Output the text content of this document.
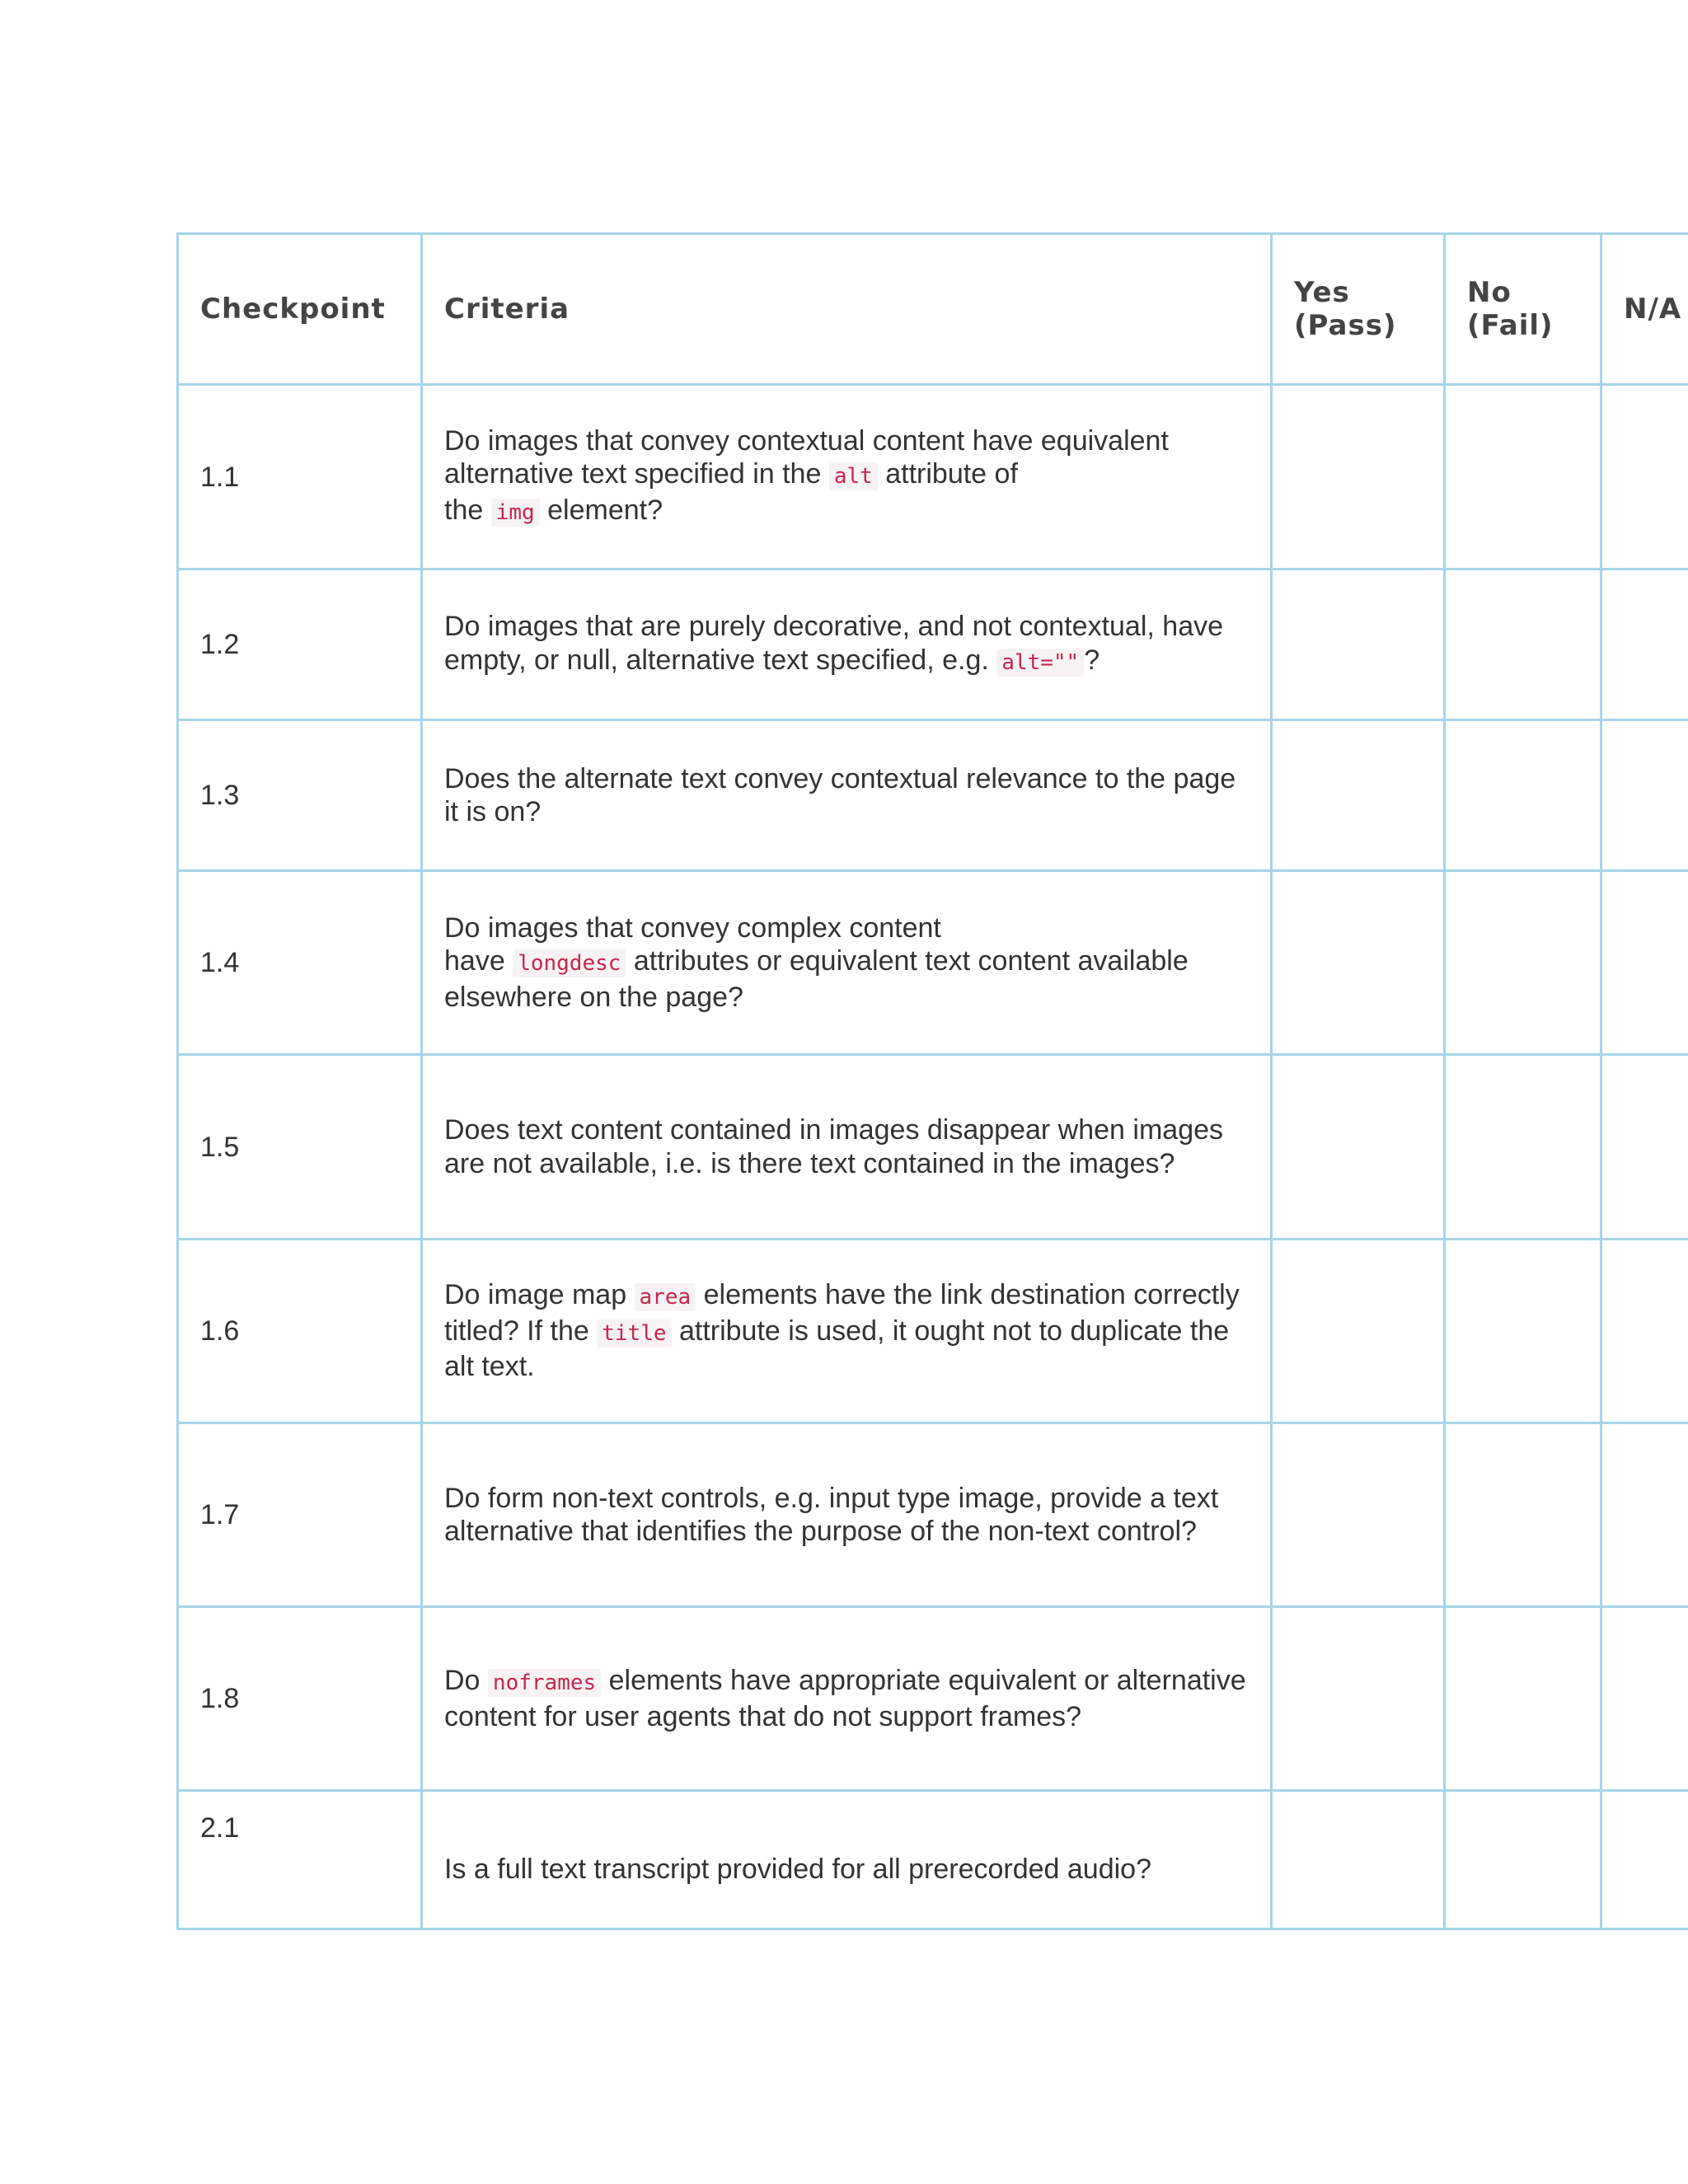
Checkpoint	Criteria	Yes (Pass)	No (Fail)	N/A
1.1	Do images that convey contextual content have equivalent alternative text specified in the alt attribute of
the img element?			
1.2	Do images that are purely decorative, and not contextual, have empty, or null, alternative text specified, e.g. alt="" ?			
1.3	Does the alternate text convey contextual relevance to the page it is on?			
1.4	Do images that convey complex content
have longdesc attributes or equivalent text content available elsewhere on the page?			
1.5	Does text content contained in images disappear when images are not available, i.e. is there text contained in the images?			
1.6	Do image map area elements have the link destination correctly titled? If the title attribute is used, it ought not to duplicate the alt text.			
1.7	Do form non-text controls, e.g. input type image, provide a text alternative that identifies the purpose of the non-text control?			
1.8	Do noframes elements have appropriate equivalent or alternative content for user agents that do not support frames?			
2.1	Is a full text transcript provided for all prerecorded audio?			
